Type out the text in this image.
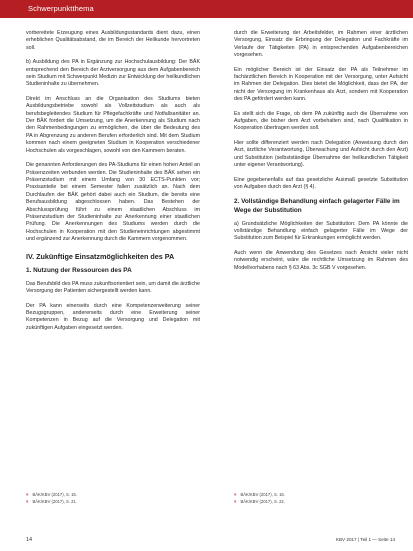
Schwerpunktthema

vorbereitete Erzeugung eines Ausbildungsstandards dient dazu, einen erheblichen Qualitätsabstand, die im Bereich der Heilkunde hervortreten soll.

b) Ausbildung des PA in Ergänzung zur Hochschulausbildung: Der BÄK entsprechend den Bereich der Arztversorgung aus dem Aufgabenbereich sein Studium mit Schwerpunkt Medizin zur Entwicklung der heilkundlichen Studieninhalte zu übernehmen.

Direkt im Anschluss an die Organisation des Studiums bieten Ausbildungsbetriebe sowohl als Vollzeitstudium als auch als berufsbegleitendes Studium für Pflegefachkräfte und Notfallsanitäter an. Der BÄK fordert die Umsetzung, um die Anerkennung als Studium nach den Rahmenbedingungen zu ermöglichen, die über die Bedeutung des PA in Abgrenzung zu anderen Berufen erforderlich sind. Mit dem Studium kommen nach einem geeigneten Studium in Kooperation verschiedener Hochschulen als vorgeschlagen, sowohl von den Kammern beraten.

Die genannten Anforderungen des PA-Studiums für einen hohen Anteil an Präsenzzeiten verbunden werden. Die Studieninhalte des BÄK sehen ein Präsenzstudium mit einem Umfang von 30 ECTS-Punkten vor; Praxisanteile bei einem Semester fallen zusätzlich an. Nach dem Durchlaufen der BÄK gehört dabei auch ein Studium, die bereits eine Berufsausbildung abgeschlossen haben. Das Bestehen der Abschlussprüfung führt zu einem staatlichen Abschluss im Präsenzstudium der Studieninhalte zur Anerkennung einer staatlichen Prüfung. Die Anerkennungen des Studiums werden durch die Hochschulen in Kooperation mit den Studieneinrichtungen abgestimmt und ergänzend zur Anerkennung durch die Kammern vorgenommen.

IV. Zukünftige Einsatzmöglichkeiten des PA
1. Nutzung der Ressourcen des PA

Das Berufsbild des PA muss zukunftsorientiert sein, um damit die ärztliche Versorgung der Patienten sichergestellt werden kann.

Der PA kann einerseits durch eine Kompetenzerweiterung seiner Bezugsgruppen, andererseits durch eine Erweiterung seiner Kompetenzen in Bezug auf die Versorgung und Delegation mit zukünftigen Aufgaben eingesetzt werden.

durch die Erweiterung der Arbeitsfelder, im Rahmen einer ärztlichen Versorgung, Einsatz die Erbringung der Delegation und Fachkräfte im Verlaufe der Tätigkeiten (PA) in entsprechenden Aufgabenbereichen vorgesehen.

Ein möglicher Bereich ist der Einsatz der PA als Teilnehmer im fachärztlichen Bereich in Kooperation mit der Versorgung, unter Aufsicht im Rahmen der Delegation. Dies bietet die Möglichkeit, dass der PA, der nicht der Versorgung im Krankenhaus als Arzt, sondern mit Kooperation des PA gefördert werden kann.

Es stellt sich die Frage, ob dem PA zukünftig auch die Übernahme von Aufgaben, die bisher dem Arzt vorbehalten sind, nach Qualifikation in Kooperation übertragen werden soll.

Hier sollte differenziert werden nach Delegation (Anweisung durch den Arzt, ärztliche Verantwortung, Überwachung und Aufsicht durch den Arzt) und Substitution (selbstständige Übernahme der heilkundlichen Tätigkeit unter eigener Verantwortung).

Eine gegebenenfalls auf das gesetzliche Ausmaß gesetzte Substitution von Aufgaben durch den Arzt (§ 4).

2. Vollständige Behandlung einfach gelagerter Fälle im Wege der Substitution

a) Grundsätzliche Möglichkeiten der Substitution: Dem PA könnte die vollständige Behandlung einfach gelagerter Fälle im Wege der Substitution zum Beispiel für Erkrankungen ermöglicht werden.

Auch wenn die Anwendung des Gesetzes nach Ansicht vieler nicht notwendig erscheint, wäre die rechtliche Umsetzung im Rahmen des Modellvorhabens nach § 63 Abs. 3c SGB V vorgesehen.

× BÄK/KBV (2017), S. 15.
× BÄK/KBV (2017), S. 21.
× BÄK/KBV (2017), S. 16.
× BÄK/KBV (2017), S. 22.
14	KBV 2017 | Teil 1 — Seite 14
